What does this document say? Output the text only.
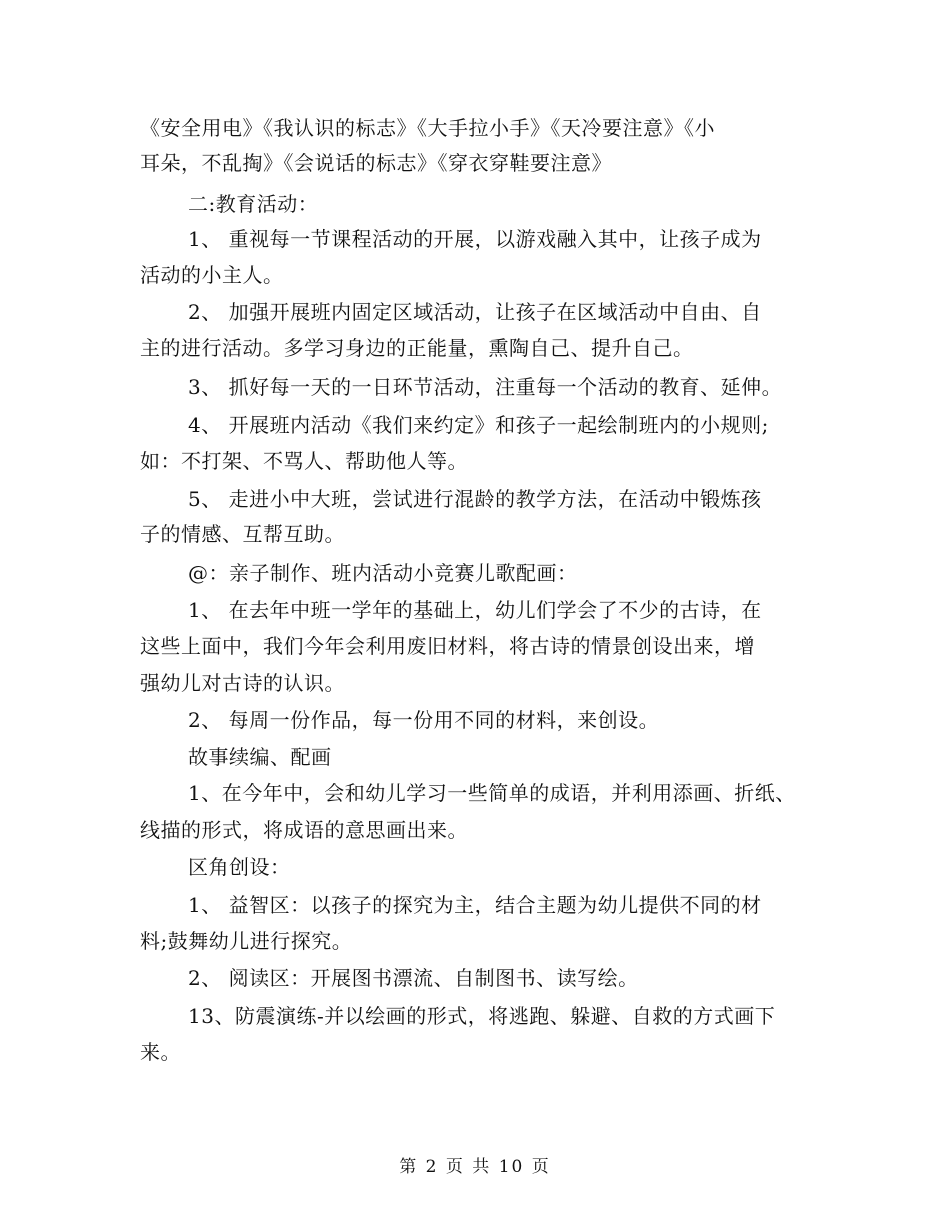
《安全用电》《我认识的标志》《大手拉小手》《天冷要注意》《小
耳朵，不乱掏》《会说话的标志》《穿衣穿鞋要注意》
二:教育活动：
1、 重视每一节课程活动的开展，以游戏融入其中，让孩子成为
活动的小主人。
2、 加强开展班内固定区域活动，让孩子在区域活动中自由、自
主的进行活动。多学习身边的正能量，熏陶自己、提升自己。
3、 抓好每一天的一日环节活动，注重每一个活动的教育、延伸。
4、 开展班内活动《我们来约定》和孩子一起绘制班内的小规则;
如：不打架、不骂人、帮助他人等。
5、 走进小中大班，尝试进行混龄的教学方法，在活动中锻炼孩
子的情感、互帮互助。
@：亲子制作、班内活动小竞赛儿歌配画：
1、 在去年中班一学年的基础上，幼儿们学会了不少的古诗，在
这些上面中，我们今年会利用废旧材料，将古诗的情景创设出来，增
强幼儿对古诗的认识。
2、 每周一份作品，每一份用不同的材料，来创设。
故事续编、配画
1、在今年中，会和幼儿学习一些简单的成语，并利用添画、折纸、
线描的形式，将成语的意思画出来。
区角创设：
1、 益智区：以孩子的探究为主，结合主题为幼儿提供不同的材
料;鼓舞幼儿进行探究。
2、 阅读区：开展图书漂流、自制图书、读写绘。
13、防震演练-并以绘画的形式，将逃跑、躲避、自救的方式画下
来。
第 2 页 共 10 页
